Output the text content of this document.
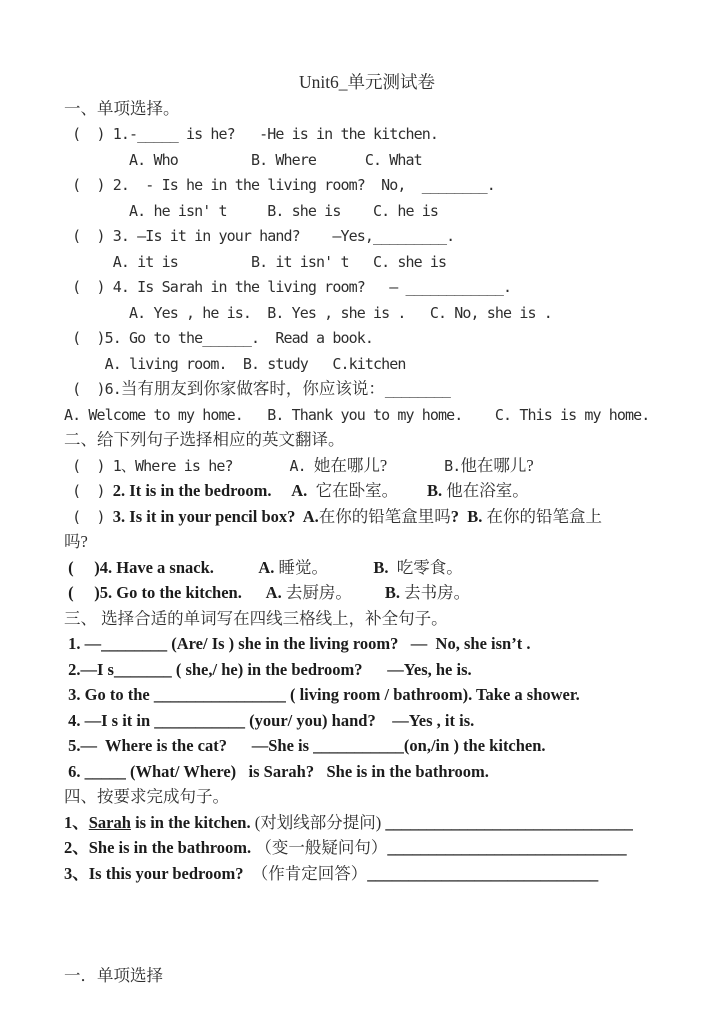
Unit6_单元测试卷
一、单项选择。
(  ) 1.-_____ is he?   -He is in the kitchen.
A. Who         B. Where      C. What
(  ) 2.  - Is he in the living room?  No,  ________.
A. he isn' t     B. she is    C. he is
(  ) 3. —Is it in your hand?    —Yes,_________.
A. it is         B. it isn' t   C. she is
(  ) 4. Is Sarah in the living room?   — ____________.
A. Yes , he is.  B. Yes , she is .   C. No, she is .
(  )5. Go to the______.  Read a book.
A. living room.  B. study   C.kitchen
(  )6.当有朋友到你家做客时，你应该说：________
A. Welcome to my home.   B. Thank you to my home.    C. This is my home.
二、给下列句子选择相应的英文翻译。
(  ) 1、Where is he?       A. 她在哪儿?       B.他在哪儿?
(  ) 2. It is in the bedroom.     A.  它在卧室。       B. 他在浴室。
(  ) 3. Is it in your pencil box?  A.在你的铅笔盒里吗?  B. 在你的铅笔盒上
吗?
(     )4. Have a snack.           A. 睡觉。           B.  吃零食。
(     )5. Go to the kitchen.      A. 去厨房。        B. 去书房。
三、 选择合适的单词写在四线三格线上，补全句子。
1. —________ (Are/ Is ) she in the living room?   —  No, she isn’t .
2.—I s_______ ( she,/ he) in the bedroom?      —Yes, he is.
3. Go to the ________________ ( living room / bathroom). Take a shower.
4. —I s it in ___________ (your/ you) hand?    —Yes , it is.
5.—  Where is the cat?      —She is ___________(on,/in ) the kitchen.
6. _____ (What/ Where)   is Sarah?   She is in the bathroom.
四、按要求完成句子。
1、Sarah is in the kitchen. (对划线部分提问) ______________________________
2、She is in the bathroom. （变一般疑问句）_____________________________
3、Is this your bedroom?  （作肯定回答）____________________________

一．单项选择
